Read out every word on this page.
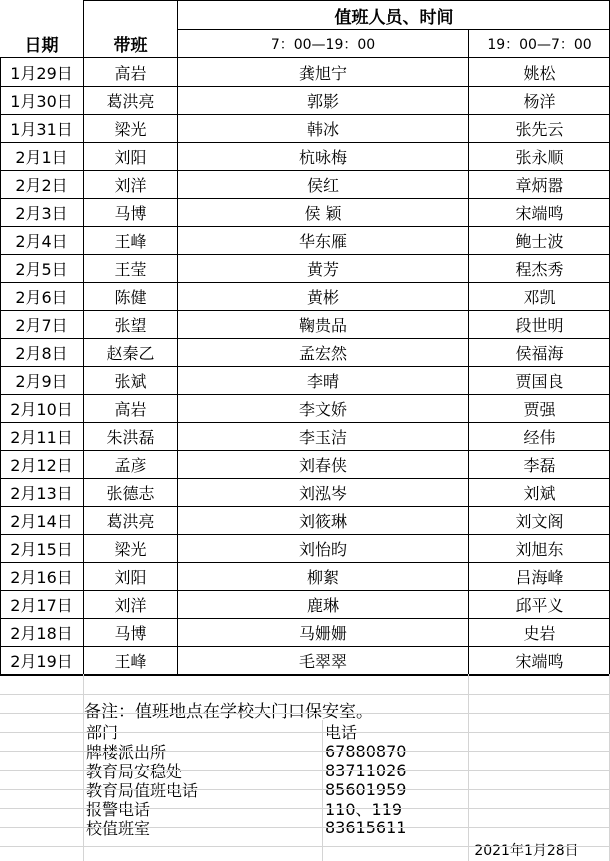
值班人员、时间
日期	带班	7：00—19：00	19：00—7：00
1月29日	高岩	龚旭宁	姚松
1月30日	葛洪亮	郭影	杨洋
1月31日	梁光	韩冰	张先云
2月1日	刘阳	杭咏梅	张永顺
2月2日	刘洋	侯红	章炳嚣
2月3日	马博	侯 颖	宋端鸣
2月4日	王峰	华东雁	鲍士波
2月5日	王莹	黄芳	程杰秀
2月6日	陈健	黄彬	邓凯
2月7日	张望	鞠贵品	段世明
2月8日	赵秦乙	孟宏然	侯福海
2月9日	张斌	李晴	贾国良
2月10日	高岩	李文娇	贾强
2月11日	朱洪磊	李玉洁	经伟
2月12日	孟彦	刘春侠	李磊
2月13日	张德志	刘泓岑	刘斌
2月14日	葛洪亮	刘筱琳	刘文阁
2月15日	梁光	刘怡昀	刘旭东
2月16日	刘阳	柳絮	吕海峰
2月17日	刘洋	鹿琳	邱平义
2月18日	马博	马姗姗	史岩
2月19日	王峰	毛翠翠	宋端鸣
备注：值班地点在学校大门口保安室。
部门	电话
牌楼派出所	67880870
教育局安稳处	83711026
教育局值班电话	85601959
报警电话	110、119
校值班室	83615611
2021年1月28日
